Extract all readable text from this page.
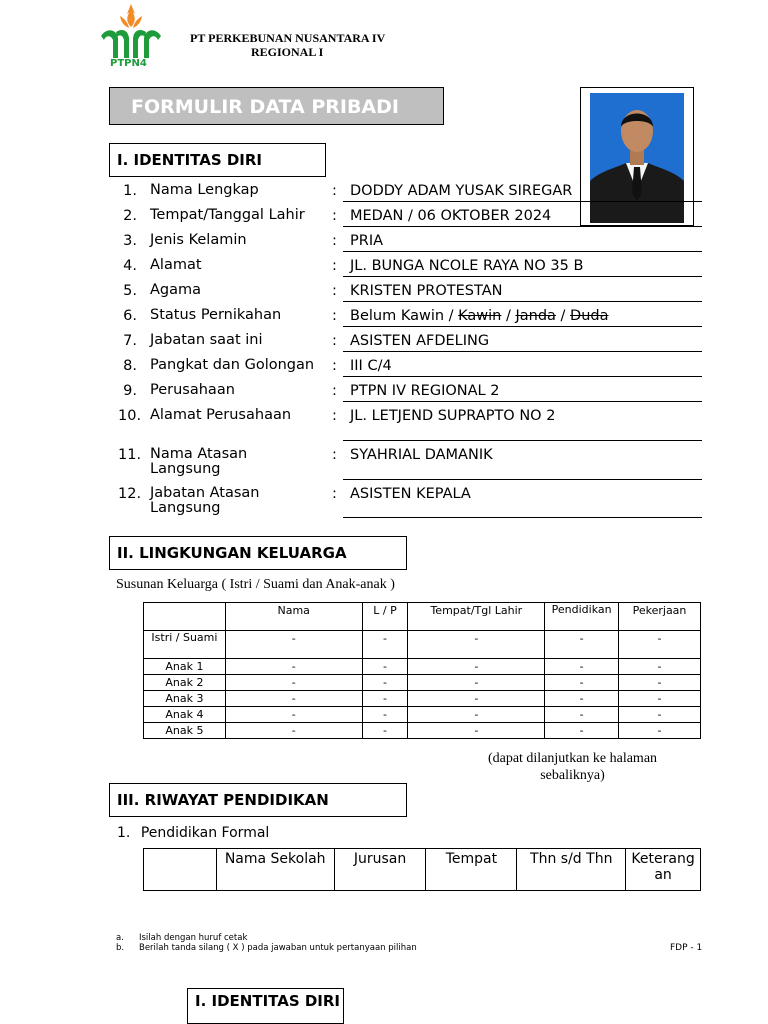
PTPN4
PT PERKEBUNAN NUSANTARA IV
REGIONAL I
FORMULIR DATA PRIBADI
I. IDENTITAS DIRI
1. Nama Lengkap	: DODDY ADAM YUSAK SIREGAR
2. Tempat/Tanggal Lahir	: MEDAN / 06 OKTOBER 2024
3. Jenis Kelamin	: PRIA
4. Alamat	: JL. BUNGA NCOLE RAYA NO 35 B
5. Agama	: KRISTEN PROTESTAN
6. Status Pernikahan	: Belum Kawin / Kawin / Janda / Duda
7. Jabatan saat ini	: ASISTEN AFDELING
8. Pangkat dan Golongan	: III C/4
9. Perusahaan	: PTPN IV REGIONAL 2
10. Alamat Perusahaan	: JL. LETJEND SUPRAPTO NO 2
11. Nama Atasan Langsung
: SYAHRIAL DAMANIK
12. Jabatan Atasan Langsung
: ASISTEN KEPALA
II. LINGKUNGAN KELUARGA
Susunan Keluarga ( Istri / Suami dan Anak-anak )
	Nama	L / P	Tempat/Tgl Lahir	Pendidikan	Pekerjaan
Istri / Suami	-	-	-	-	-
Anak 1	-	-	-	-	-
Anak 2	-	-	-	-	-
Anak 3	-	-	-	-	-
Anak 4	-	-	-	-	-
Anak 5	-	-	-	-	-
(dapat dilanjutkan ke halaman sebaliknya)
III. RIWAYAT PENDIDIKAN
1. Pendidikan Formal
	Nama Sekolah	Jurusan	Tempat	Thn s/d Thn	Keterangan
a. Isilah dengan huruf cetak
b. Berilah tanda silang ( X ) pada jawaban untuk pertanyaan pilihan	FDP - 1
I. IDENTITAS DIRI
